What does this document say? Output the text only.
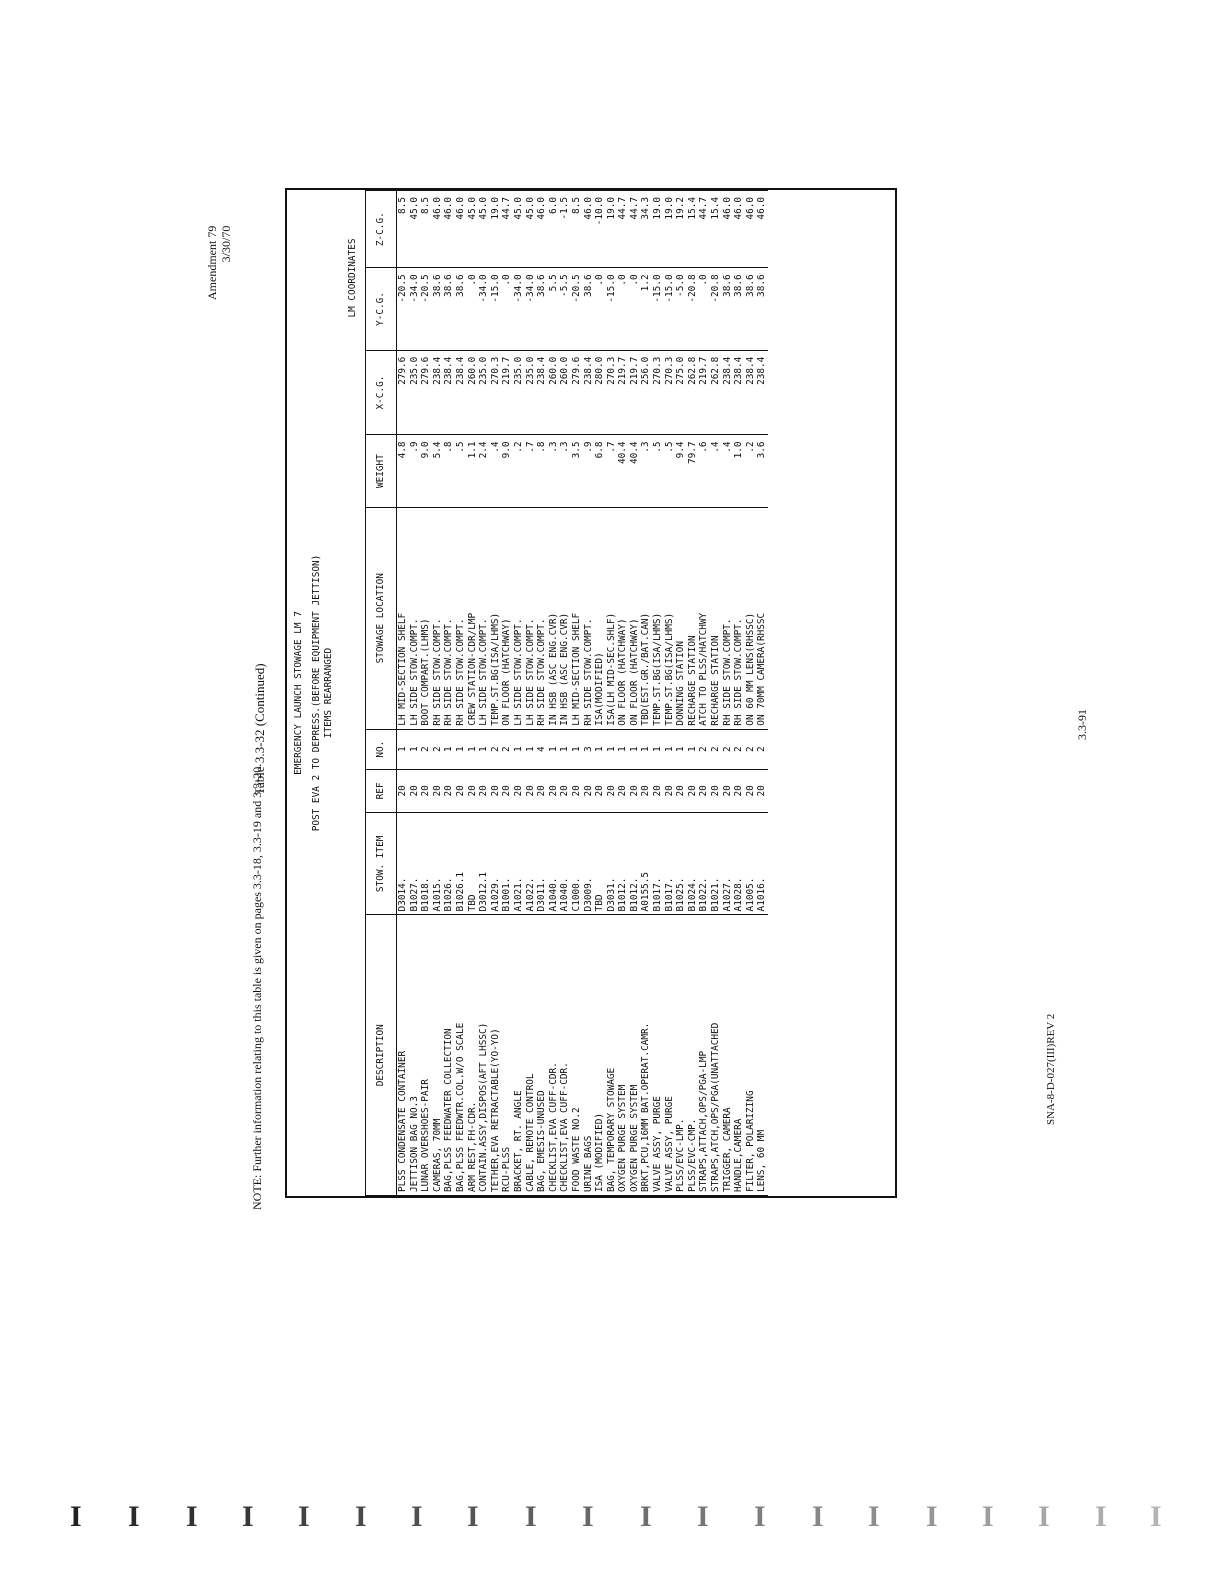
Amendment 79 3/30/70
Table 3.3-32 (Continued)	EMERGENCY LAUNCH STOWAGE LM 7 POST EVA 2 TO DEPRESS.(BEFORE EQUIPMENT JETTISON) ITEMS REARRANGED
LM COORDINATES
DESCRIPTION	STOW. ITEM	REF	NO.	STOWAGE LOCATION	WEIGHT	X-C.G.	Y-C.G.	Z-C.G.
PLSS CONDENSATE CONTAINER	D3014.	20	1	LH MID-SECTION SHELF	4.8	279.6	-20.5	8.5
JETTISON BAG NO.3	B1027.	20	1	LH SIDE STOW.COMPT.	.9	235.0	-34.0	45.0
LUNAR OVERSHOES-PAIR	B1018.	20	2	BOOT COMPART.(LHMS)	9.0	279.6	-20.5	8.5
CAMERAS, 70MM	A1015.	20	2	RH SIDE STOW.COMPT.	5.4	238.4	38.6	46.0
BAG,PLSS FEEDWATER COLLECTION	B1026.	20	1	RH SIDE STOW.COMPT.	.8	238.4	38.6	46.0
BAG,PLSS FEEDWTR.COL.W/O SCALE	B1026.1	20	1	RH SIDE STOW.COMPT.	.5	238.4	38.6	46.0
ARM REST,FH-CDR.	TBD	20	1	CREW STATION-CDR/LMP	1.1	260.0	.0	45.0
CONTAIN.ASSY,DISPOS(AFT LHSSC)	D3012.1	20	1	LH SIDE STOW.COMPT.	2.4	235.0	-34.0	45.0
TETHER,EVA RETRACTABLE(YO-YO)	A1029.	20	2	TEMP.ST.BG(ISA/LHMS)	.4	270.3	-15.0	19.0
RCU-PLSS	B1001.	20	2	ON FLOOR (HATCHWAY)	9.0	219.7	.0	44.7
BRACKET, RT. ANGLE	A1021.	20	1	LH SIDE STOW.COMPT.	.2	235.0	-34.0	45.0
CABLE, REMOTE CONTROL	A1022.	20	1	LH SIDE STOW.COMPT.	.7	235.0	-34.0	45.0
BAG, EMESIS-UNUSED	D3011.	20	4	RH SIDE STOW.COMPT.	.8	238.4	38.6	46.0
CHECKLIST,EVA CUFF-CDR.	A1040.	20	1	IN HSB (ASC ENG.CVR)	.3	260.0	5.5	6.0
CHECKLIST,EVA CUFF-CDR.	A1040.	20	1	IN HSB (ASC ENG.CVR)	.3	260.0	-5.5	-1.5
FOOD WASTE NO.2	C1000.	20	1	LH MID-SECTION SHELF	3.5	279.6	-20.5	8.5
URINE BAGS	D3009.	20	3	RH SIDE STOW.COMPT.	.9	238.4	38.6	46.0
ISA (MODIFIED)	TBD	20	1	ISA(MODIFIED)	6.8	280.0	.0	-10.0
BAG, TEMPORARY STOWAGE	D3031.	20	1	ISA(LH MID-SEC.SHLF)	.7	270.3	-15.0	19.0
OXYGEN PURGE SYSTEM	B1012.	20	1	ON FLOOR (HATCHWAY)	40.4	219.7	.0	44.7
OXYGEN PURGE SYSTEM	B1012.	20	1	ON FLOOR (HATCHWAY)	40.4	219.7	.0	44.7
BRKT,PCU,16MM BAT.OPERAT.CAMR.	A0155.5	20	1	TBD(EST.GR./BAT.CAN)	.3	256.0	1.2	34.3
VALVE ASSY, PURGE	B1017.	20	1	TEMP.ST.BG(ISA/LHMS)	.5	270.3	-15.0	19.0
VALVE ASSY, PURGE	B1017.	20	1	TEMP.ST.BG(ISA/LHMS)	.5	270.3	-15.0	19.0
PLSS/EVC-LMP.	B1025.	20	1	DONNING STATION	9.4	275.0	-5.0	19.2
PLSS/EVC-CMP.	B1024.	20	1	RECHARGE STATION	79.7	262.8	-20.8	15.4
STRAPS,ATTACH,OPS/PGA-LMP	B1022.	20	2	ATCH TO PLSS/HATCHWY	.6	219.7	.0	44.7
STRAPS,ATCH,OPS/PGA(UNATTACHED	B1021.	20	2	RECHARGE STATION	.4	262.8	-20.8	15.4
TRIGGER, CAMERA	A1027.	20	2	RH SIDE STOW.COMPT.	.4	238.4	38.6	46.0
HANDLE,CAMERA	A1028.	20	2	RH SIDE STOW.COMPT.	1.0	238.4	38.6	46.0
FILTER, POLARIZING	A1005.	20	2	ON 60 MM LENS(RHSSC)	.2	238.4	38.6	46.0
LENS, 60 MM	A1016.	20	2	ON 70MM CAMERA(RHSSC	3.6	238.4	38.6	46.0
NOTE: Further information relating to this table is given on pages 3.3-18, 3.3-19 and 3.3-20.
3.3-91
SNA-8-D-027(III)REV 2
I I I I I I I I I I I I I I I I I I I I
